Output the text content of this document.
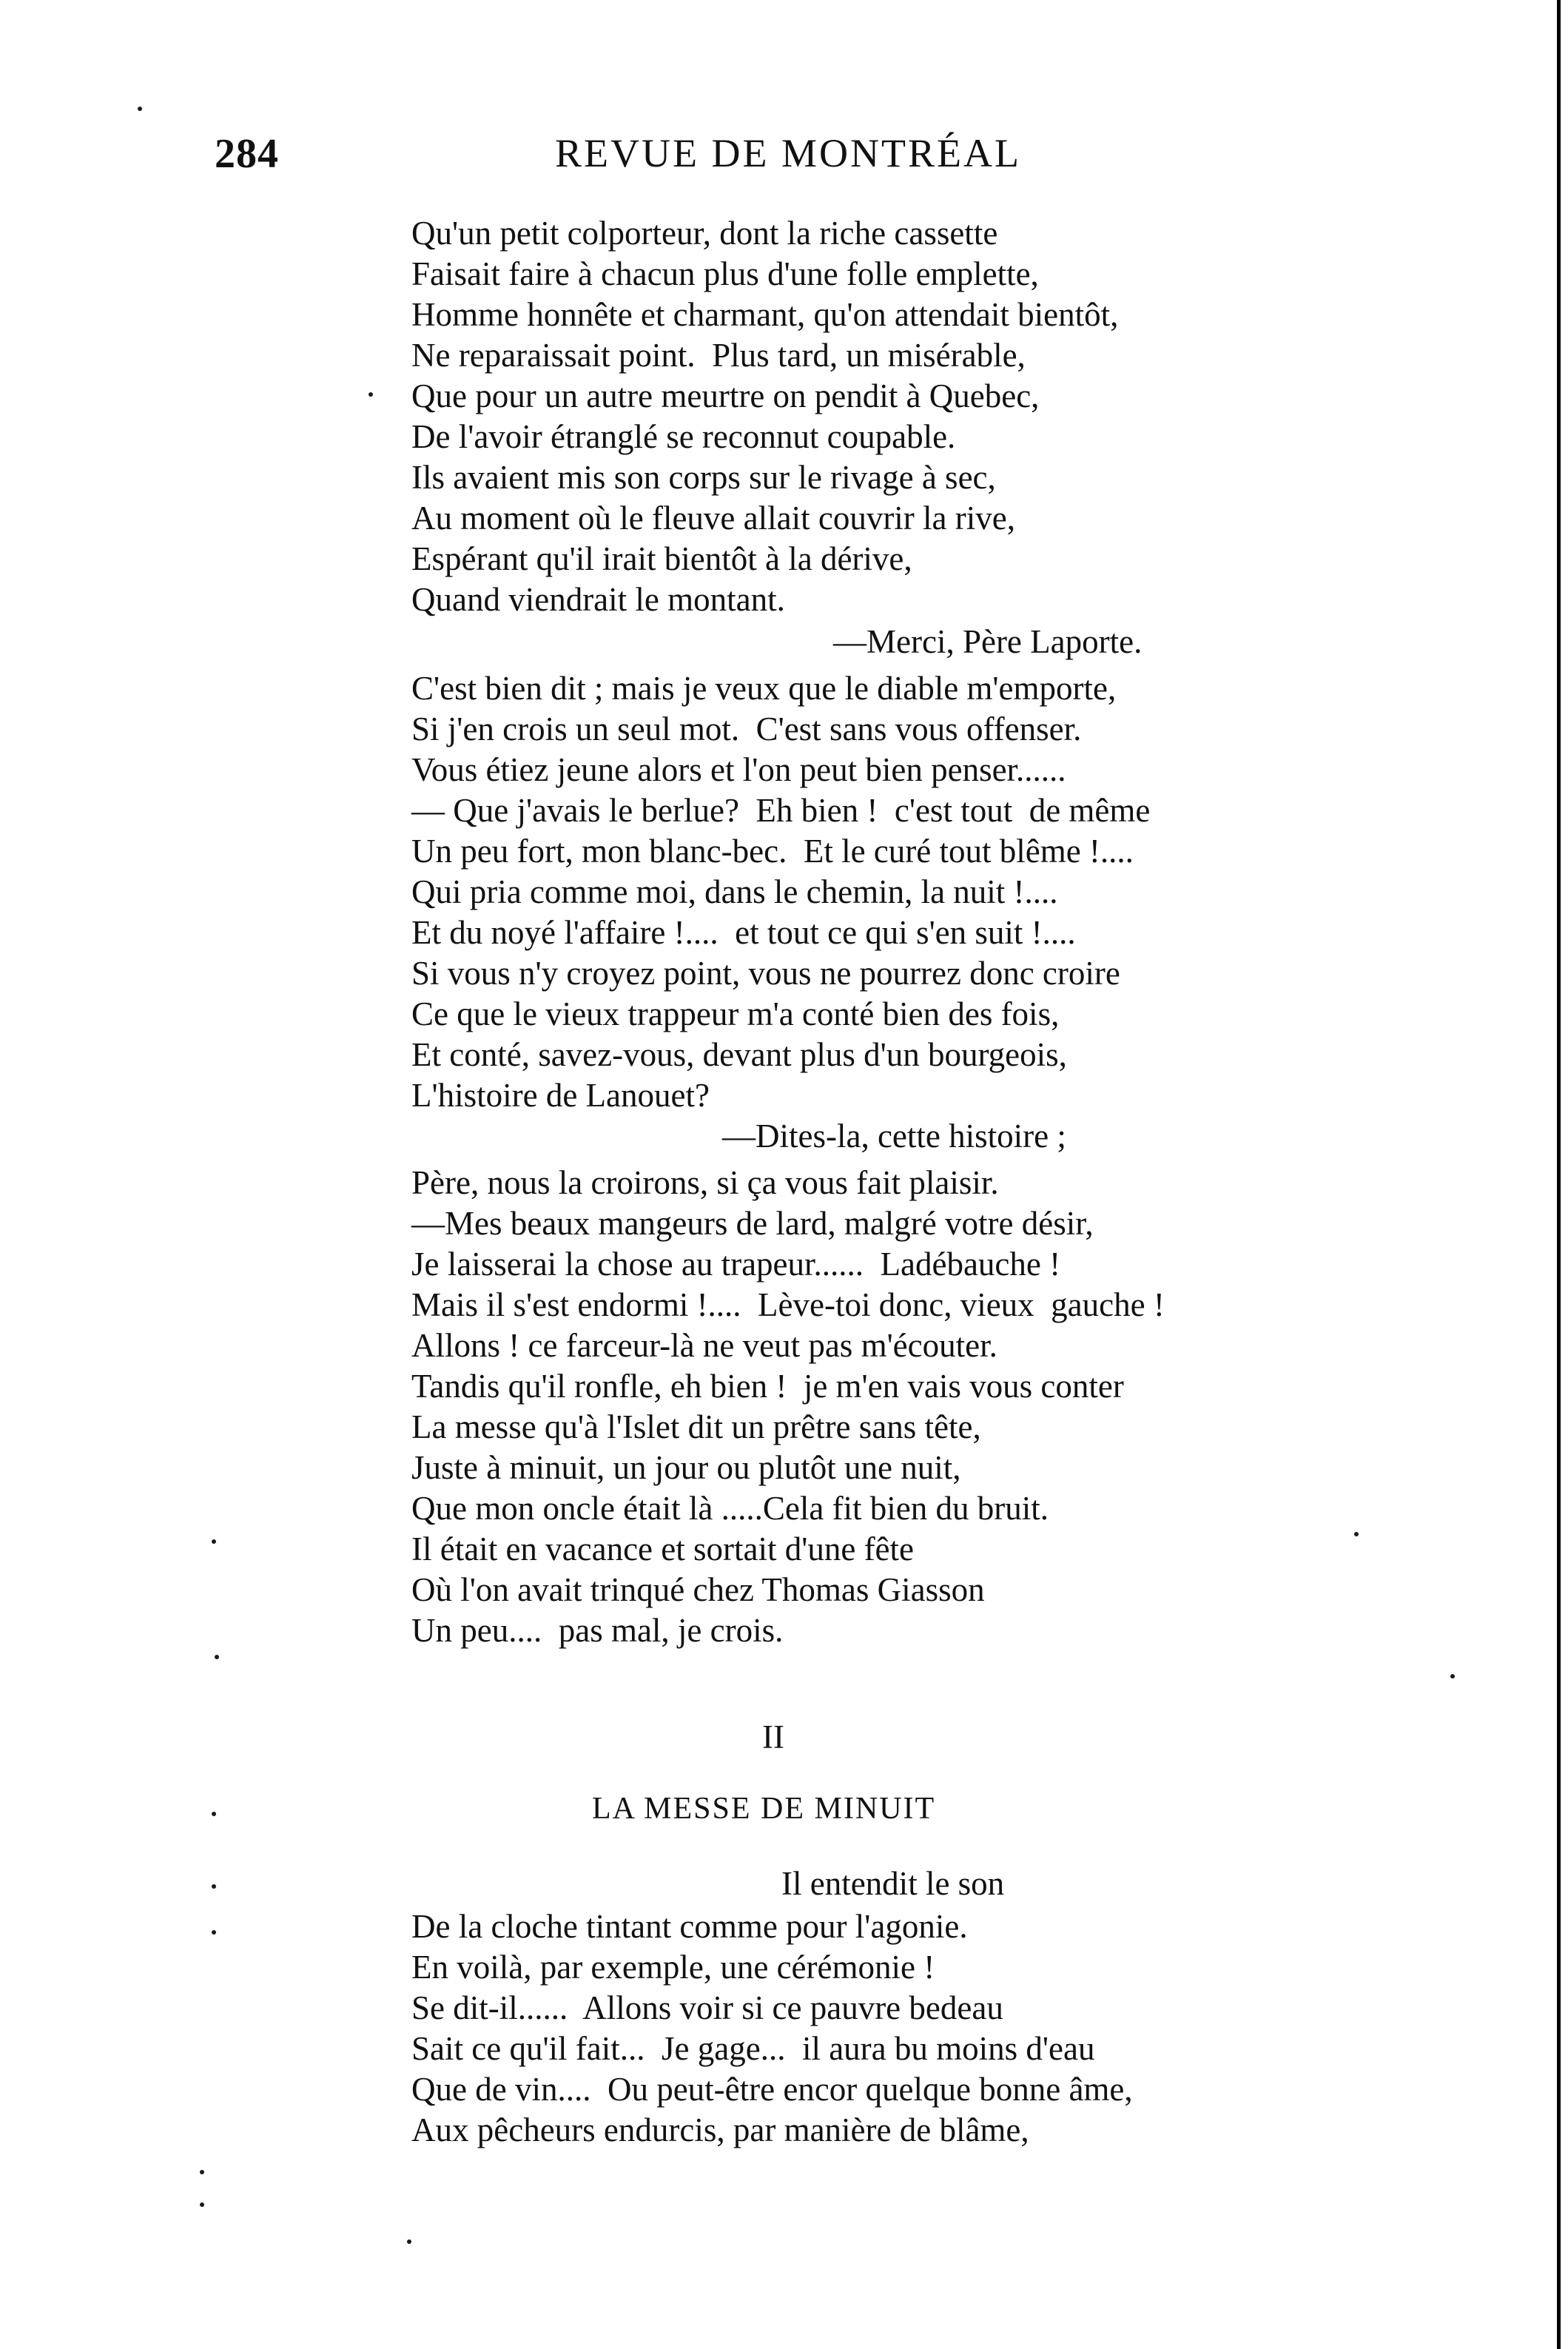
284	REVUE DE MONTRÉAL
Qu'un petit colporteur, dont la riche cassette
Faisait faire à chacun plus d'une folle emplette,
Homme honnête et charmant, qu'on attendait bientôt,
Ne reparaissait point.  Plus tard, un misérable,
Que pour un autre meurtre on pendit à Quebec,
De l'avoir étranglé se reconnut coupable.
Ils avaient mis son corps sur le rivage à sec,
Au moment où le fleuve allait couvrir la rive,
Espérant qu'il irait bientôt à la dérive,
Quand viendrait le montant.
—Merci, Père Laporte.
C'est bien dit ; mais je veux que le diable m'emporte,
Si j'en crois un seul mot.  C'est sans vous offenser.
Vous étiez jeune alors et l'on peut bien penser......
— Que j'avais le berlue?  Eh bien !  c'est tout  de même
Un peu fort, mon blanc-bec.  Et le curé tout blême !....
Qui pria comme moi, dans le chemin, la nuit !....
Et du noyé l'affaire !....  et tout ce qui s'en suit !....
Si vous n'y croyez point, vous ne pourrez donc croire
Ce que le vieux trappeur m'a conté bien des fois,
Et conté, savez-vous, devant plus d'un bourgeois,
L'histoire de Lanouet?
—Dites-la, cette histoire ;
Père, nous la croirons, si ça vous fait plaisir.
—Mes beaux mangeurs de lard, malgré votre désir,
Je laisserai la chose au trapeur......  Ladébauche !
Mais il s'est endormi !....  Lève-toi donc, vieux  gauche !
Allons ! ce farceur-là ne veut pas m'écouter.
Tandis qu'il ronfle, eh bien !  je m'en vais vous conter
La messe qu'à l'Islet dit un prêtre sans tête,
Juste à minuit, un jour ou plutôt une nuit,
Que mon oncle était là .....Cela fit bien du bruit.
Il était en vacance et sortait d'une fête
Où l'on avait trinqué chez Thomas Giasson
Un peu....  pas mal, je crois.
II
LA MESSE DE MINUIT
Il entendit le son
De la cloche tintant comme pour l'agonie.
En voilà, par exemple, une cérémonie !
Se dit-il......  Allons voir si ce pauvre bedeau
Sait ce qu'il fait...  Je gage...  il aura bu moins d'eau
Que de vin....  Ou peut-être encor quelque bonne âme,
Aux pêcheurs endurcis, par manière de blâme,
